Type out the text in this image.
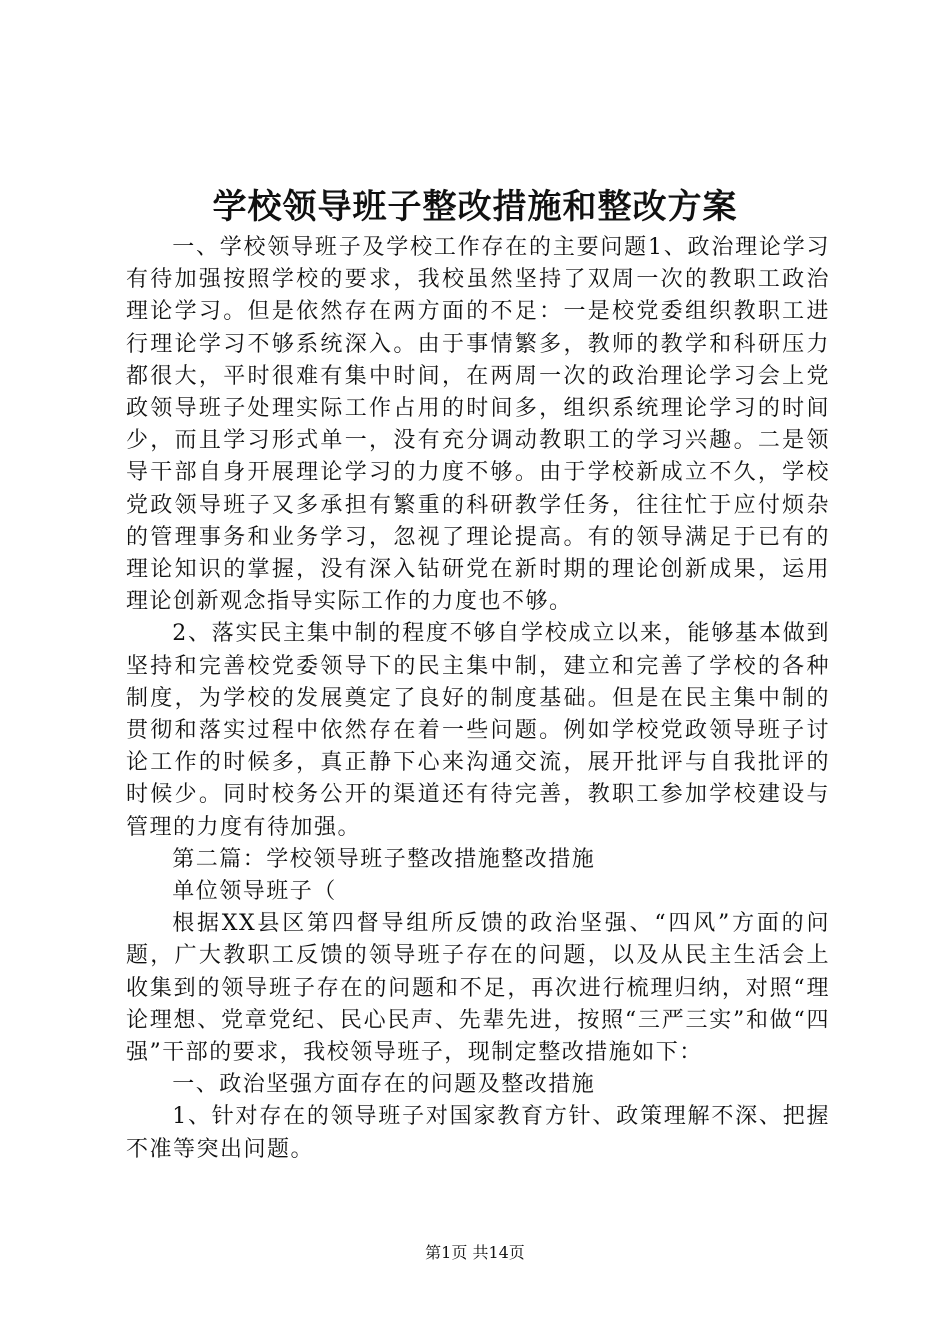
学校领导班子整改措施和整改方案

一、学校领导班子及学校工作存在的主要问题1、政治理论学习有待加强按照学校的要求，我校虽然坚持了双周一次的教职工政治理论学习。但是依然存在两方面的不足：一是校党委组织教职工进行理论学习不够系统深入。由于事情繁多，教师的教学和科研压力都很大，平时很难有集中时间，在两周一次的政治理论学习会上党政领导班子处理实际工作占用的时间多，组织系统理论学习的时间少，而且学习形式单一，没有充分调动教职工的学习兴趣。二是领导干部自身开展理论学习的力度不够。由于学校新成立不久，学校党政领导班子又多承担有繁重的科研教学任务，往往忙于应付烦杂的管理事务和业务学习，忽视了理论提高。有的领导满足于已有的理论知识的掌握，没有深入钻研党在新时期的理论创新成果，运用理论创新观念指导实际工作的力度也不够。

2、落实民主集中制的程度不够自学校成立以来，能够基本做到坚持和完善校党委领导下的民主集中制，建立和完善了学校的各种制度，为学校的发展奠定了良好的制度基础。但是在民主集中制的贯彻和落实过程中依然存在着一些问题。例如学校党政领导班子讨论工作的时候多，真正静下心来沟通交流，展开批评与自我批评的时候少。同时校务公开的渠道还有待完善，教职工参加学校建设与管理的力度有待加强。

第二篇：学校领导班子整改措施整改措施

单位领导班子（

根据XX县区第四督导组所反馈的政治坚强、“四风”方面的问题，广大教职工反馈的领导班子存在的问题，以及从民主生活会上收集到的领导班子存在的问题和不足，再次进行梳理归纳，对照“理论理想、党章党纪、民心民声、先辈先进，按照“三严三实”和做“四强”干部的要求，我校领导班子，现制定整改措施如下：

一、政治坚强方面存在的问题及整改措施

1、针对存在的领导班子对国家教育方针、政策理解不深、把握不准等突出问题。

第1页 共14页
